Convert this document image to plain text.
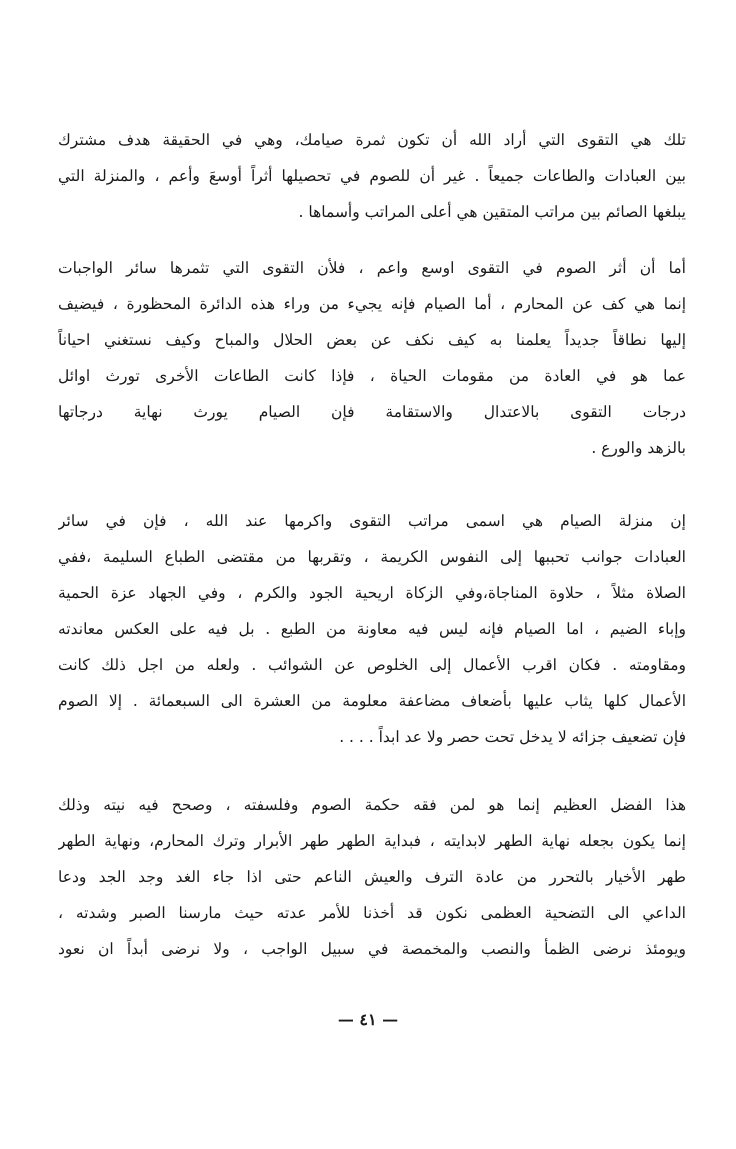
تلك هي التقوى التي أراد الله أن تكون ثمرة صيامك، وهي في الحقيقة هدف مشترك
بين العبادات والطاعات جميعاً . غير أن للصوم في تحصيلها أثراً أوسعَ وأعم ، والمنزلة التي
يبلغها الصائم بين مراتب المتقين هي أعلى المراتب وأسماها .
أما أن أثر الصوم في التقوى اوسع واعم ، فلأن التقوى التي تثمرها سائر الواجبات
إنما هي كف عن المحارم ، أما الصيام فإنه يجيء من وراء هذه الدائرة المحظورة ، فيضيف
إليها نطاقاً جديداً يعلمنا به كيف نكف عن بعض الحلال والمباح وكيف نستغني احياناً
عما هو في العادة من مقومات الحياة ، فإذا كانت الطاعات الأخرى تورث اوائل
درجات التقوى بالاعتدال والاستقامة فإن الصيام يورث نهاية درجاتها
بالزهد والورع .
إن منزلة الصيام هي اسمى مراتب التقوى واكرمها عند الله ، فإن في سائر
العبادات جوانب تحببها إلى النفوس الكريمة ، وتقربها من مقتضى الطباع السليمة ،ففي
الصلاة مثلاً ، حلاوة المناجاة،وفي الزكاة اريحية الجود والكرم ، وفي الجهاد عزة الحمية
وإباء الضيم ، اما الصيام فإنه ليس فيه معاونة من الطبع . بل فيه على العكس معاندته
ومقاومته . فكان اقرب الأعمال إلى الخلوص عن الشوائب . ولعله من اجل ذلك كانت
الأعمال كلها يثاب عليها بأضعاف مضاعفة معلومة من العشرة الى السبعمائة . إلا الصوم
فإن تضعيف جزائه لا يدخل تحت حصر ولا عد ابداً . . . .
هذا الفضل العظيم إنما هو لمن فقه حكمة الصوم وفلسفته ، وصحح فيه نيته وذلك
إنما يكون بجعله نهاية الطهر لابدايته ، فبداية الطهر طهر الأبرار وترك المحارم، ونهاية الطهر
طهر الأخيار بالتحرر من عادة الترف والعيش الناعم حتى اذا جاء الغد وجد الجد ودعا
الداعي الى التضحية العظمى نكون قد أخذنا للأمر عدته حيث مارسنا الصبر وشدته ،
ويومئذ نرضى الظمأ والنصب والمخمصة في سبيل الواجب ، ولا نرضى أبداً ان نعود
— ٤١ —
